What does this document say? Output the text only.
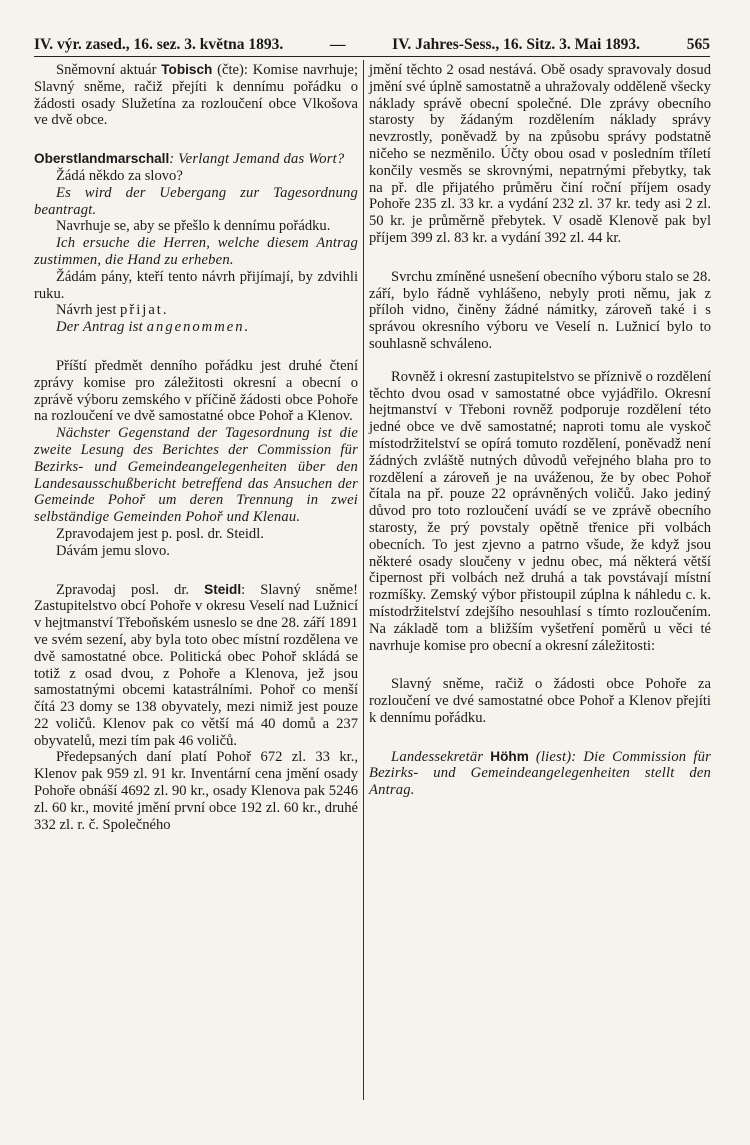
IV. výr. zased., 16. sez. 3. května 1893.	—	IV. Jahres-Sess., 16. Sitz. 3. Mai 1893.	565

Sněmovní aktuár Tobisch (čte): Komise navrhuje; Slavný sněme, račiž přejíti k dennímu pořádku o žádosti osady Služetína za rozloučení obce Vlkošova ve dvě obce.

Oberstlandmarschall: Verlangt Jemand das Wort?

Žádá někdo za slovo?

Es wird der Uebergang zur Tagesordnung beantragt.

Navrhuje se, aby se přešlo k dennímu pořádku.

Ich ersuche die Herren, welche diesem Antrag zustimmen, die Hand zu erheben.

Žádám pány, kteří tento návrh přijímají, by zdvihli ruku.

Návrh jest přijat.

Der Antrag ist angenommen.

Příští předmět denního pořádku jest druhé čtení zprávy komise pro záležitosti okresní a obecní o zprávě výboru zemského v příčině žádosti obce Pohoře na rozloučení ve dvě samostatné obce Pohoř a Klenov.

Nächster Gegenstand der Tagesordnung ist die zweite Lesung des Berichtes der Commission für Bezirks- und Gemeindeangelegenheiten über den Landesausschußbericht betreffend das Ansuchen der Gemeinde Pohoř um deren Trennung in zwei selbständige Gemeinden Pohoř und Klenau.

Zpravodajem jest p. posl. dr. Steidl.

Dávám jemu slovo.

Zpravodaj posl. dr. Steidl: Slavný sněme! Zastupitelstvo obcí Pohoře v okresu Veselí nad Lužnicí v hejtmanství Třeboňském usneslo se dne 28. září 1891 ve svém sezení, aby byla toto obec místní rozdělena ve dvě samostatné obce. Politická obec Pohoř skládá se totiž z osad dvou, z Pohoře a Klenova, jež jsou samostatnými obcemi katastrálními. Pohoř co menší čítá 23 domy se 138 obyvately, mezi nimiž jest pouze 22 voličů. Klenov pak co větší má 40 domů a 237 obyvatelů, mezi tím pak 46 voličů.

Předepsaných daní platí Pohoř 672 zl. 33 kr., Klenov pak 959 zl. 91 kr. Inventární cena jmění osady Pohoře obnáší 4692 zl. 90 kr., osady Klenova pak 5246 zl. 60 kr., movité jmění první obce 192 zl. 60 kr., druhé 332 zl. r. č. Společného

jmění těchto 2 osad nestává. Obě osady spravovaly dosud jmění své úplně samostatně a uhražovaly odděleně všecky náklady správě obecní společné. Dle zprávy obecního starosty by žádaným rozdělením náklady správy nevzrostly, poněvadž by na způsobu správy podstatně ničeho se nezměnilo. Účty obou osad v posledním tříletí končily vesměs se skrovnými, nepatrnými přebytky, tak na př. dle přijatého průměru činí roční příjem osady Pohoře 235 zl. 33 kr. a vydání 232 zl. 37 kr. tedy asi 2 zl. 50 kr. je průměrně přebytek. V osadě Klenově pak byl příjem 399 zl. 83 kr. a vydání 392 zl. 44 kr.

Svrchu zmíněné usnešení obecního výboru stalo se 28. září, bylo řádně vyhlášeno, nebyly proti němu, jak z příloh vidno, činěny žádné námitky, zároveň také i s správou okresního výboru ve Veselí n. Lužnicí bylo to souhlasně schváleno.

Rovněž i okresní zastupitelstvo se příznivě o rozdělení těchto dvou osad v samostatné obce vyjádřilo. Okresní hejtmanství v Třeboni rovněž podporuje rozdělení této jedné obce ve dvě samostatné; naproti tomu ale vyskoč místodržitelství se opírá tomuto rozdělení, poněvadž není žádných zvláště nutných důvodů veřejného blaha pro to rozdělení a zároveň je na uváženou, že by obec Pohoř čítala na př. pouze 22 oprávněných voličů. Jako jediný důvod pro toto rozloučení uvádí se ve zprávě obecního starosty, že prý povstaly opětně třenice při volbách obecních. To jest zjevno a patrno všude, že když jsou některé osady sloučeny v jednu obec, má některá větší čipernost při volbách než druhá a tak povstávají místní rozmíšky. Zemský výbor přistoupil zúplna k náhledu c. k. místodržitelství zdejšího nesouhlasí s tímto rozloučením. Na základě tom a bližším vyšetření poměrů u věci té navrhuje komise pro obecní a okresní záležitosti:

Slavný sněme, račiž o žádosti obce Pohoře za rozloučení ve dvé samostatné obce Pohoř a Klenov přejíti k dennímu pořádku.

Landessekretär Höhm (liest): Die Commission für Bezirks- und Gemeindeangelegenheiten stellt den Antrag.
